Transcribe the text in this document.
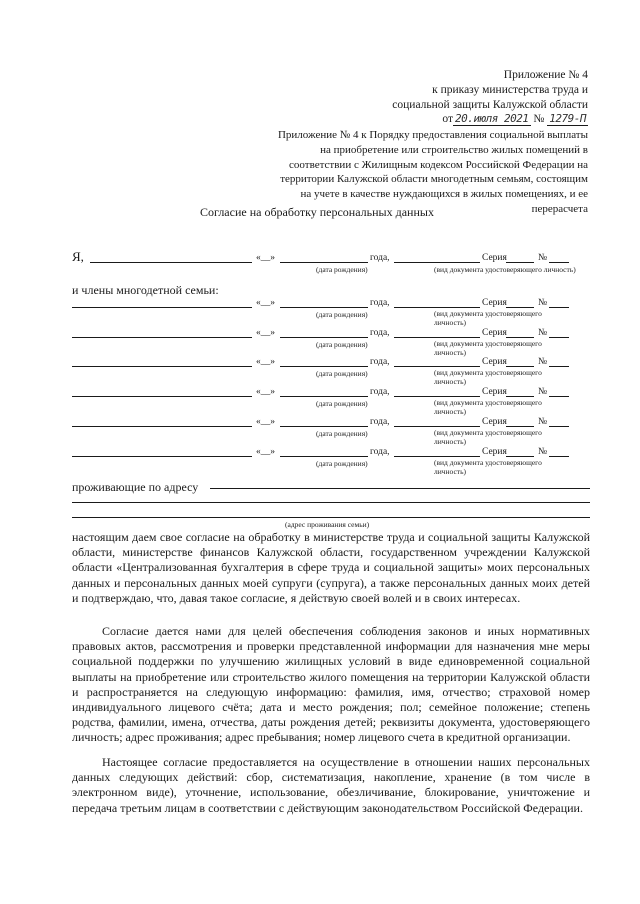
Приложение № 4
к приказу министерства труда и
социальной защиты Калужской области
от 20.июля 2021 № 1279-П
Приложение № 4 к Порядку предоставления социальной выплаты
на приобретение или строительство жилых помещений в
соответствии с Жилищным кодексом Российской Федерации на
территории Калужской области многодетным семьям, состоящим
на учете в качестве нуждающихся в жилых помещениях, и ее
перерасчета
Согласие на обработку персональных данных
Я,	«__»	года,	Серия	№
(дата рождения)	(вид документа удостоверяющего личность)
и члены многодетной семьи:
«__»	года,	Серия	№
(дата рождения)	(вид документа удостоверяющего
личность)
«__»	года,	Серия	№
(дата рождения)	(вид документа удостоверяющего
личность)
«__»	года,	Серия	№
(дата рождения)	(вид документа удостоверяющего
личность)
«__»	года,	Серия	№
(дата рождения)	(вид документа удостоверяющего
личность)
«__»	года,	Серия	№
(дата рождения)	(вид документа удостоверяющего
личность)
«__»	года,	Серия	№
(дата рождения)	(вид документа удостоверяющего
личность)
проживающие по адресу
(адрес проживания семьи)
настоящим даем свое согласие на обработку в министерстве труда и социальной защиты Калужской области, министерстве финансов Калужской области, государственном учреждении Калужской области «Централизованная бухгалтерия в сфере труда и социальной защиты» моих персональных данных и персональных данных моей супруги (супруга), а также персональных данных моих детей и подтверждаю, что, давая такое согласие, я действую своей волей и в своих интересах.
Согласие дается нами для целей обеспечения соблюдения законов и иных нормативных правовых актов, рассмотрения и проверки представленной информации для назначения мне меры социальной поддержки по улучшению жилищных условий в виде единовременной социальной выплаты на приобретение или строительство жилого помещения на территории Калужской области и распространяется на следующую информацию: фамилия, имя, отчество; страховой номер индивидуального лицевого счёта; дата и место рождения; пол; семейное положение; степень родства, фамилии, имена, отчества, даты рождения детей; реквизиты документа, удостоверяющего личность; адрес проживания; адрес пребывания; номер лицевого счета в кредитной организации.
Настоящее согласие предоставляется на осуществление в отношении наших персональных данных следующих действий: сбор, систематизация, накопление, хранение (в том числе в электронном виде), уточнение, использование, обезличивание, блокирование, уничтожение и передача третьим лицам в соответствии с действующим законодательством Российской Федерации.
